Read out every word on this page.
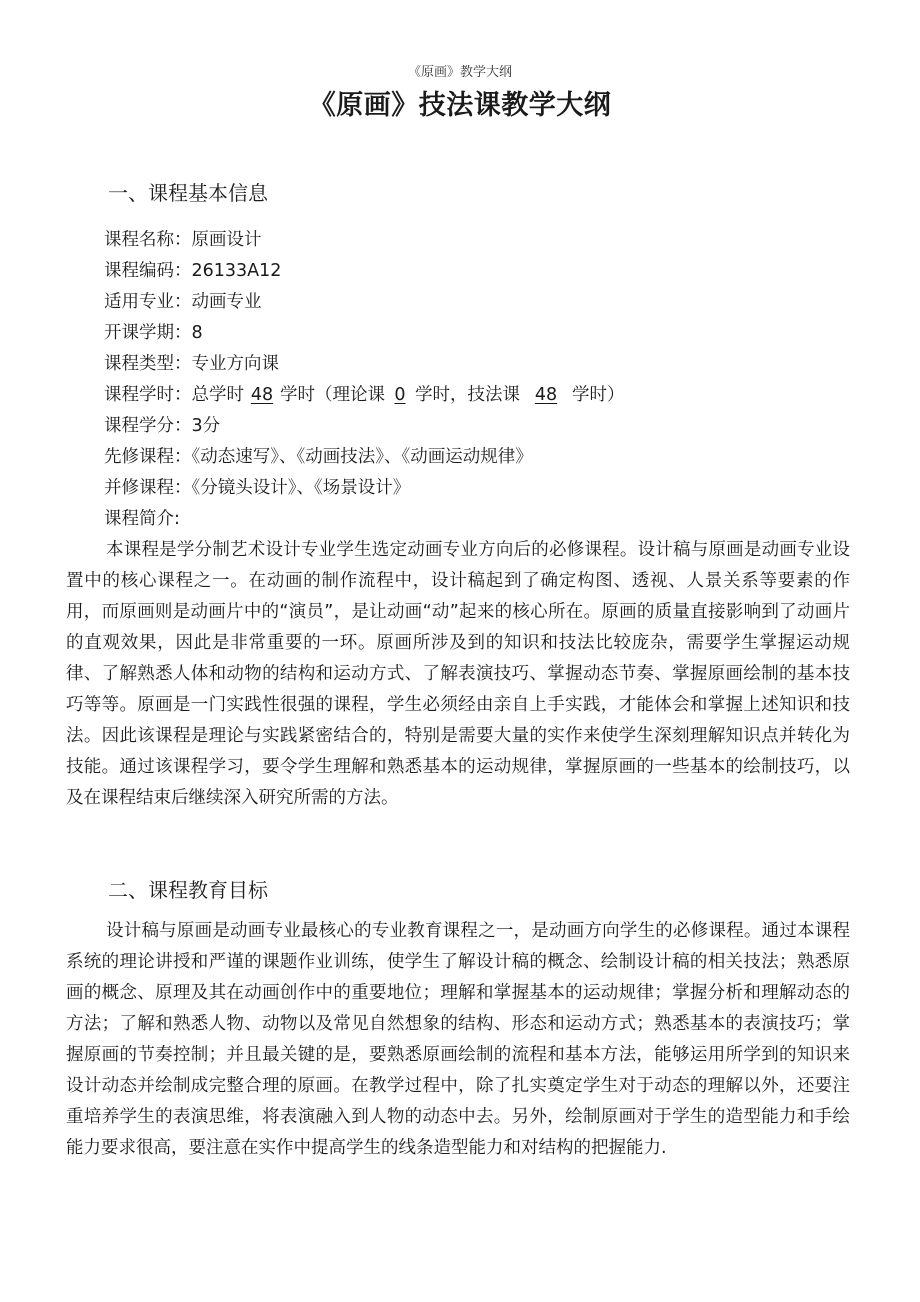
《原画》教学大纲
《原画》技法课教学大纲
一、课程基本信息
课程名称：原画设计
课程编码：26133A12
适用专业：动画专业
开课学期：8
课程类型：专业方向课
课程学时：总学时 48 学时（理论课 0 学时，技法课 48 学时）
课程学分：3分
先修课程：《动态速写》、《动画技法》、《动画运动规律》
并修课程：《分镜头设计》、《场景设计》
课程简介:

本课程是学分制艺术设计专业学生选定动画专业方向后的必修课程。设计稿与原画是动画专业设置中的核心课程之一。在动画的制作流程中，设计稿起到了确定构图、透视、人景关系等要素的作用，而原画则是动画片中的“演员”，是让动画“动”起来的核心所在。原画的质量直接影响到了动画片的直观效果，因此是非常重要的一环。原画所涉及到的知识和技法比较庞杂，需要学生掌握运动规律、了解熟悉人体和动物的结构和运动方式、了解表演技巧、掌握动态节奏、掌握原画绘制的基本技巧等等。原画是一门实践性很强的课程，学生必须经由亲自上手实践，才能体会和掌握上述知识和技法。因此该课程是理论与实践紧密结合的，特别是需要大量的实作来使学生深刻理解知识点并转化为技能。通过该课程学习，要令学生理解和熟悉基本的运动规律，掌握原画的一些基本的绘制技巧，以及在课程结束后继续深入研究所需的方法。

二、课程教育目标

设计稿与原画是动画专业最核心的专业教育课程之一，是动画方向学生的必修课程。通过本课程系统的理论讲授和严谨的课题作业训练，使学生了解设计稿的概念、绘制设计稿的相关技法；熟悉原画的概念、原理及其在动画创作中的重要地位；理解和掌握基本的运动规律；掌握分析和理解动态的方法；了解和熟悉人物、动物以及常见自然想象的结构、形态和运动方式；熟悉基本的表演技巧；掌握原画的节奏控制；并且最关键的是，要熟悉原画绘制的流程和基本方法，能够运用所学到的知识来设计动态并绘制成完整合理的原画。在教学过程中，除了扎实奠定学生对于动态的理解以外，还要注重培养学生的表演思维，将表演融入到人物的动态中去。另外，绘制原画对于学生的造型能力和手绘能力要求很高，要注意在实作中提高学生的线条造型能力和对结构的把握能力.
